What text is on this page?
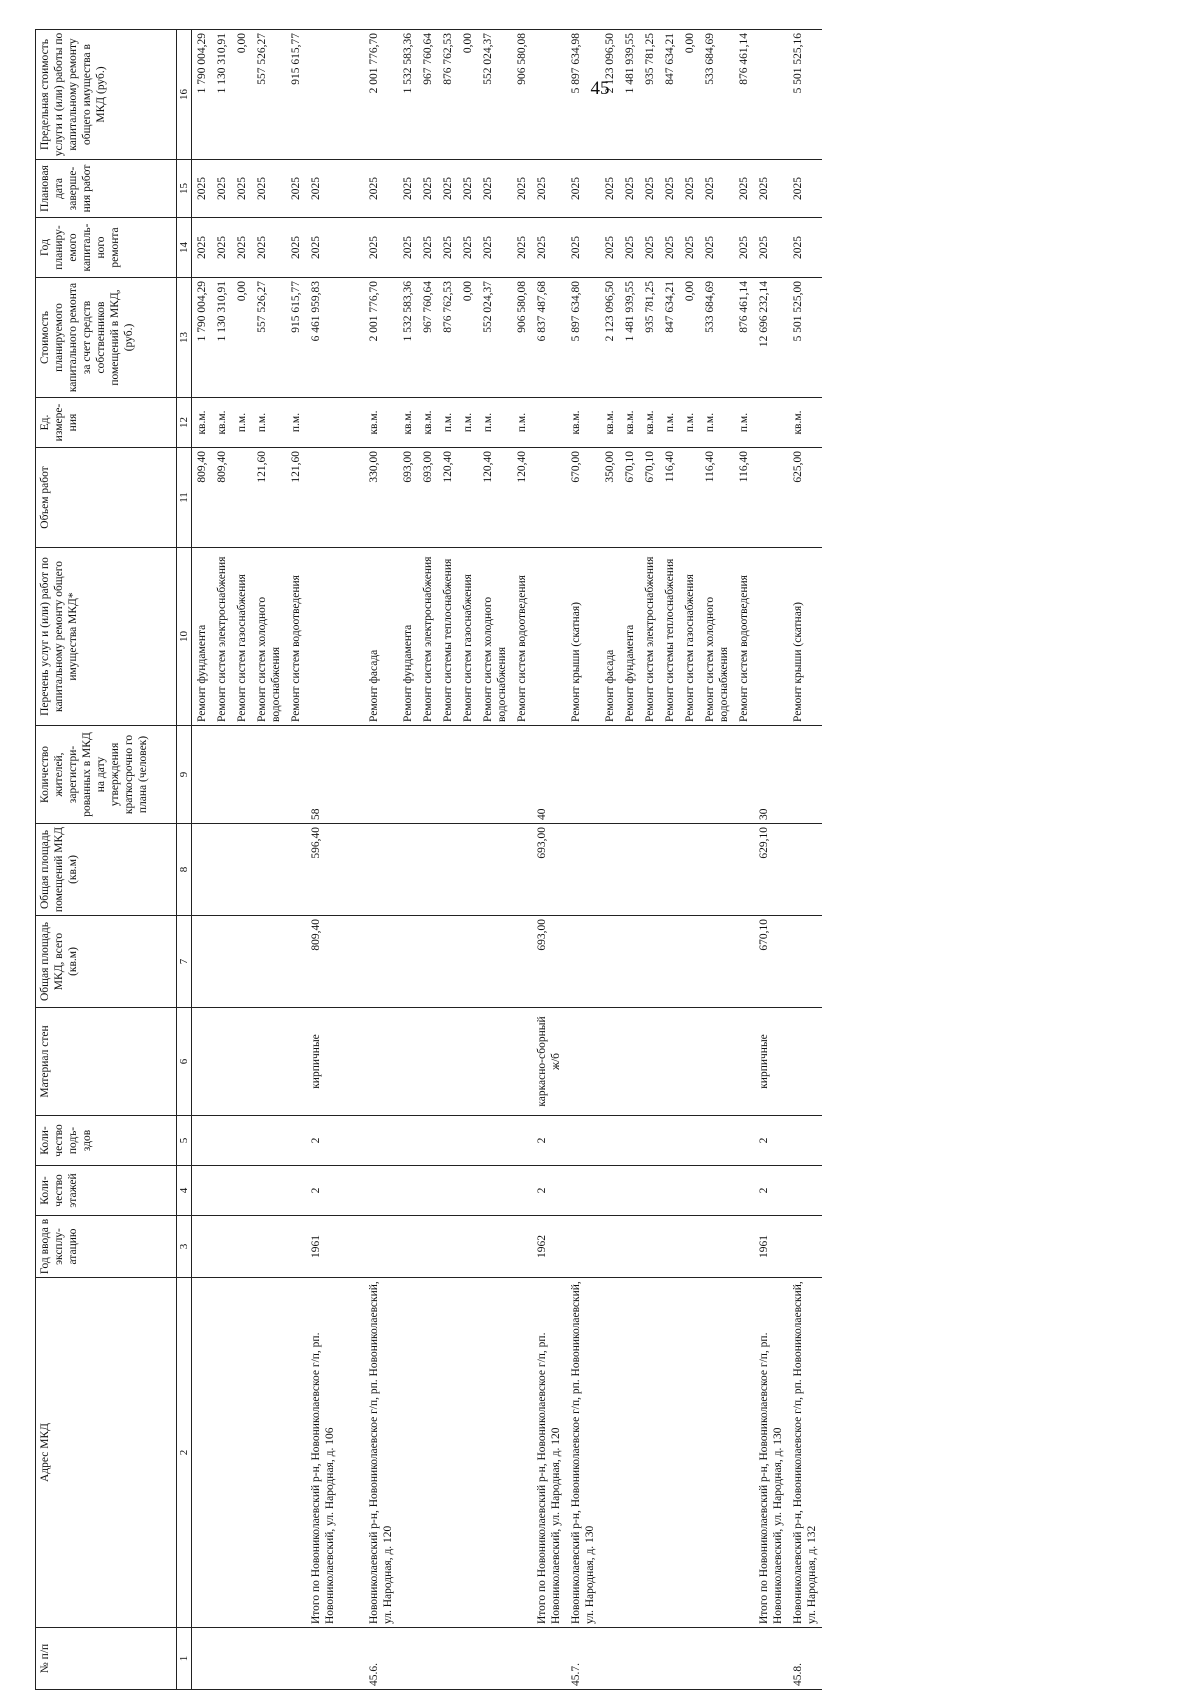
45
№ п/п	Адрес МКД	Год ввода в эксплу-атацию	Коли-чество этажей	Коли-чество подъ-здов	Материал стен	Общая площадь МКД, всего (кв.м)	Общая площадь помещений МКД (кв.м)	Количество жителей, зарегистри-рованных в МКД на дату утверждения краткосрочно го плана (человек)	Перечень услуг и (или) работ по капитальному ремонту общего имущества МКД*	Объем работ	Ед. измере-ния	Стоимость планируемого капитального ремонта за счет средств собственников помещений в МКД, (руб.)	Год планиру-емого капиталь-ного ремонта	Плановая дата заверше-ния работ	Предельная стоимость услуги и (или) работы по капитальному ремонту общего имущества в МКД (руб.)
1	2	3	4	5	6	7	8	9	10	11	12	13	14	15	16
									Ремонт фундамента	809,40	кв.м.	1 790 004,29	2025	2025	1 790 004,29
									Ремонт систем электроснабжения	809,40	кв.м.	1 130 310,91	2025	2025	1 130 310,91
									Ремонт систем газоснабжения		п.м.	0,00	2025	2025	0,00
									Ремонт систем холодного водоснабжения	121,60	п.м.	557 526,27	2025	2025	557 526,27
									Ремонт систем водоотведения	121,60	п.м.	915 615,77	2025	2025	915 615,77
	Итого по Новониколаевский р-н, Новониколаевское г/п, рп. Новониколаевский, ул. Народная, д. 106	1961	2	2	кирпичные	809,40	596,40	58				6 461 959,83	2025	2025	

45.6.	Новониколаевский р-н, Новониколаевское г/п, рп. Новониколаевский, ул. Народная, д. 120								Ремонт фасада	330,00	кв.м.	2 001 776,70	2025	2025	2 001 776,70
									Ремонт фундамента	693,00	кв.м.	1 532 583,36	2025	2025	1 532 583,36
									Ремонт систем электроснабжения	693,00	кв.м.	967 760,64	2025	2025	967 760,64
									Ремонт системы теплоснабжения	120,40	п.м.	876 762,53	2025	2025	876 762,53
									Ремонт систем газоснабжения		п.м.	0,00	2025	2025	0,00
									Ремонт систем холодного водоснабжения	120,40	п.м.	552 024,37	2025	2025	552 024,37
									Ремонт систем водоотведения	120,40	п.м.	906 580,08	2025	2025	906 580,08
	Итого по Новониколаевский р-н, Новониколаевское г/п, рп. Новониколаевский, ул. Народная, д. 120	1962	2	2	каркасно-сборный ж/б	693,00	693,00	40				6 837 487,68	2025	2025	
45.7.	Новониколаевский р-н, Новониколаевское г/п, рп. Новониколаевский, ул. Народная, д. 130								Ремонт крыши (скатная)	670,00	кв.м.	5 897 634,80	2025	2025	5 897 634,98
									Ремонт фасада	350,00	кв.м.	2 123 096,50	2025	2025	2 123 096,50
									Ремонт фундамента	670,10	кв.м.	1 481 939,55	2025	2025	1 481 939,55
									Ремонт систем электроснабжения	670,10	кв.м.	935 781,25	2025	2025	935 781,25
									Ремонт системы теплоснабжения	116,40	п.м.	847 634,21	2025	2025	847 634,21
									Ремонт систем газоснабжения		п.м.	0,00	2025	2025	0,00
									Ремонт систем холодного водоснабжения	116,40	п.м.	533 684,69	2025	2025	533 684,69
									Ремонт систем водоотведения	116,40	п.м.	876 461,14	2025	2025	876 461,14
	Итого по Новониколаевский р-н, Новониколаевское г/п, рп. Новониколаевский, ул. Народная, д. 130	1961	2	2	кирпичные	670,10	629,10	30				12 696 232,14	2025	2025	
45.8.	Новониколаевский р-н, Новониколаевское г/п, рп. Новониколаевский, ул. Народная, д. 132								Ремонт крыши (скатная)	625,00	кв.м.	5 501 525,00	2025	2025	5 501 525,16
